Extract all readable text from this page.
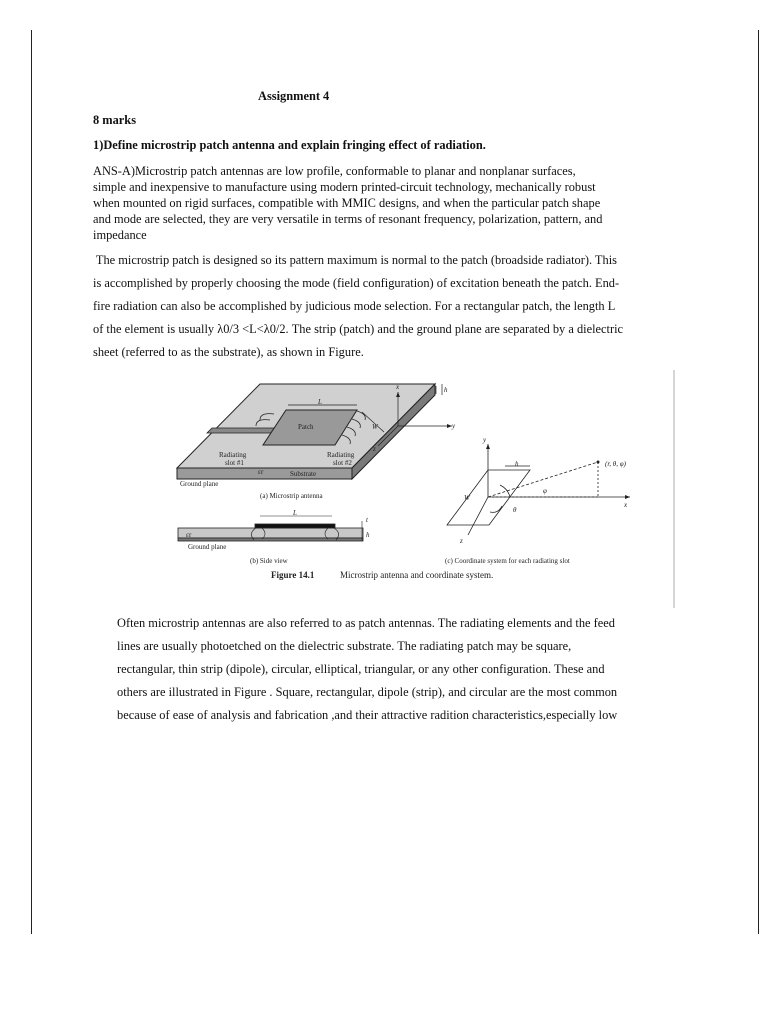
Assignment 4

8 marks

1)Define microstrip patch antenna and explain fringing effect of radiation.

ANS-A)Microstrip patch antennas are low profile, conformable to planar and nonplanar surfaces,

simple and inexpensive to manufacture using modern printed-circuit technology, mechanically robust

when mounted on rigid surfaces, compatible with MMIC designs, and when the particular patch shape

and mode are selected, they are very versatile in terms of resonant frequency, polarization, pattern, and

impedance

The microstrip patch is designed so its pattern maximum is normal to the patch (broadside radiator). This

is accomplished by properly choosing the mode (field configuration) of excitation beneath the patch. End-

fire radiation can also be accomplished by judicious mode selection. For a rectangular patch, the length L

of the element is usually λ0/3 <L<λ0/2. The strip (patch) and the ground plane are separated by a dielectric

sheet (referred to as the substrate), as shown in Figure.

Patch
Radiating
slot #1
Radiating
slot #2
εr	Substrate
Ground plane
L
W
h
x
y
z
(a) Microstrip antenna
L
t
h
εr
Ground plane
(b) Side view
y
x
z
h
W
θ
φ
(r, θ, φ)
(c) Coordinate system for each radiating slot
Figure 14.1	Microstrip antenna and coordinate system.

Often microstrip antennas are also referred to as patch antennas. The radiating elements and the feed

lines are usually photoetched on the dielectric substrate. The radiating patch may be square,

rectangular, thin strip (dipole), circular, elliptical, triangular, or any other configuration. These and

others are illustrated in Figure . Square, rectangular, dipole (strip), and circular are the most common

because of ease of analysis and fabrication ,and their attractive radition characteristics,especially low
